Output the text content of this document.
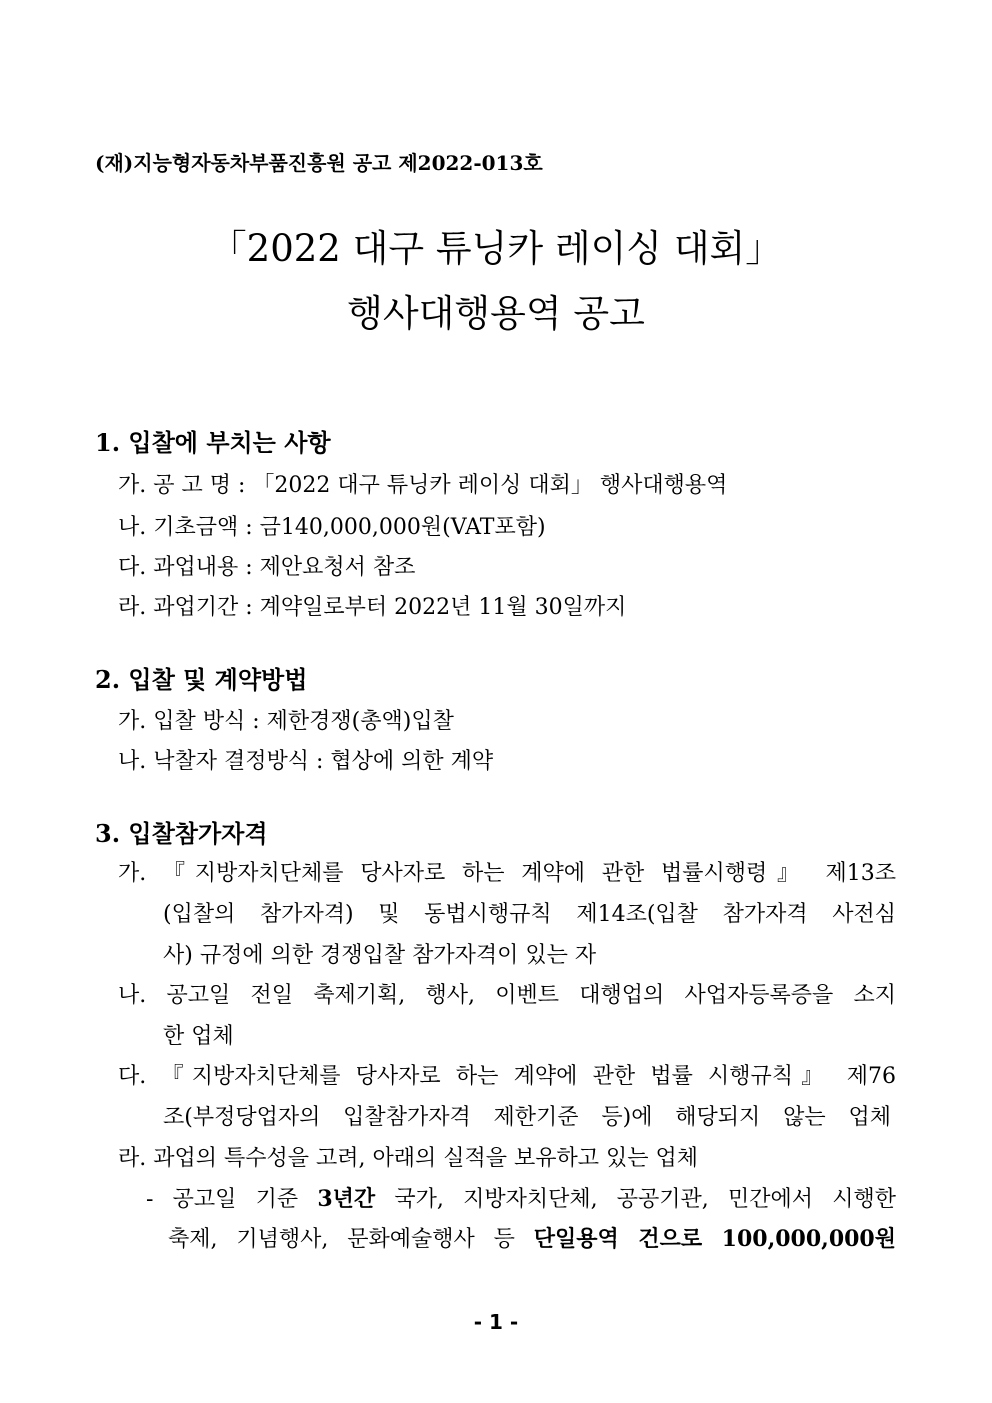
(재)지능형자동차부품진흥원 공고 제2022-013호
「2022 대구 튜닝카 레이싱 대회」
행사대행용역 공고
1. 입찰에 부치는 사항
가. 공 고 명 : 「2022 대구 튜닝카 레이싱 대회」 행사대행용역
나. 기초금액 : 금140,000,000원(VAT포함)
다. 과업내용 : 제안요청서 참조
라. 과업기간 : 계약일로부터 2022년 11월 30일까지
2. 입찰 및 계약방법
가. 입찰 방식 : 제한경쟁(총액)입찰
나. 낙찰자 결정방식 : 협상에 의한 계약
3. 입찰참가자격
가. 『지방자치단체를 당사자로 하는 계약에 관한 법률시행령』 제13조
(입찰의 참가자격) 및 동법시행규칙 제14조(입찰 참가자격 사전심
사) 규정에 의한 경쟁입찰 참가자격이 있는 자
나. 공고일 전일 축제기획, 행사, 이벤트 대행업의 사업자등록증을 소지
한 업체
다. 『지방자치단체를 당사자로 하는 계약에 관한 법률 시행규칙』 제76
조(부정당업자의 입찰참가자격 제한기준 등)에 해당되지 않는 업체
라. 과업의 특수성을 고려, 아래의 실적을 보유하고 있는 업체
- 공고일 기준 3년간 국가, 지방자치단체, 공공기관, 민간에서 시행한
축제, 기념행사, 문화예술행사 등 단일용역 건으로 100,000,000원
- 1 -
